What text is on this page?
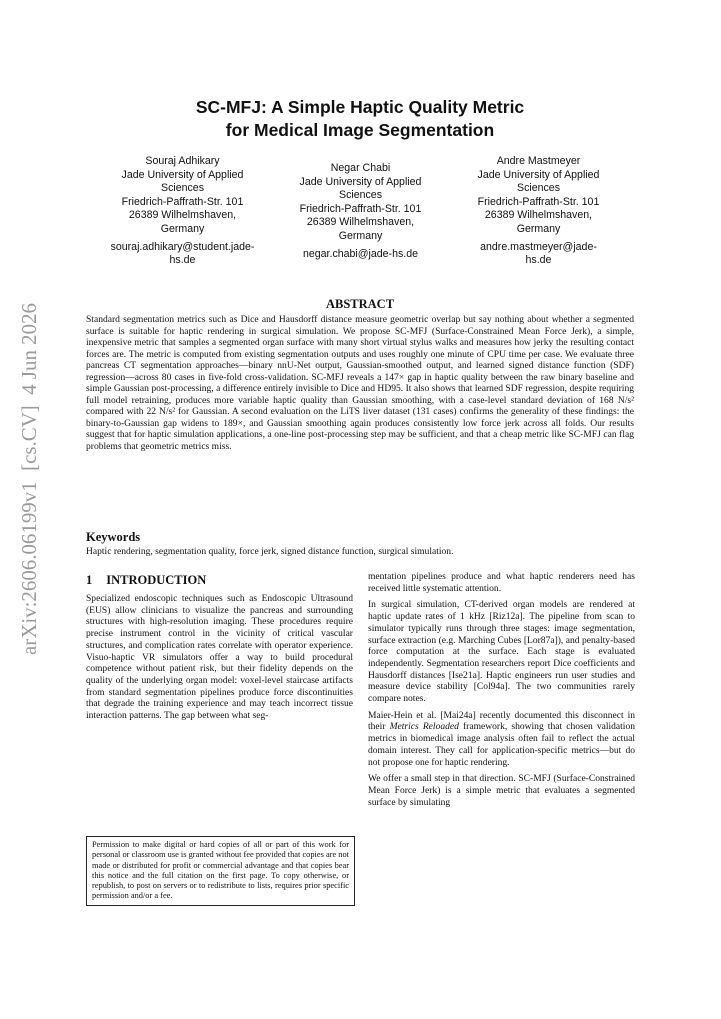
arXiv:2606.06199v1  [cs.CV]  4 Jun 2026
SC-MFJ: A Simple Haptic Quality Metric
for Medical Image Segmentation
Souraj Adhikary
Jade University of Applied
Sciences
Friedrich-Paffrath-Str. 101
26389 Wilhelmshaven,
Germany
souraj.adhikary@student.jade-
hs.de
Negar Chabi
Jade University of Applied
Sciences
Friedrich-Paffrath-Str. 101
26389 Wilhelmshaven,
Germany
negar.chabi@jade-hs.de
Andre Mastmeyer
Jade University of Applied
Sciences
Friedrich-Paffrath-Str. 101
26389 Wilhelmshaven,
Germany
andre.mastmeyer@jade-
hs.de
ABSTRACT
Standard segmentation metrics such as Dice and Hausdorff distance measure geometric overlap but say nothing about whether a segmented surface is suitable for haptic rendering in surgical simulation. We propose SC-MFJ (Surface-Constrained Mean Force Jerk), a simple, inexpensive metric that samples a segmented organ surface with many short virtual stylus walks and measures how jerky the resulting contact forces are. The metric is computed from existing segmentation outputs and uses roughly one minute of CPU time per case. We evaluate three pancreas CT segmentation approaches—binary nnU-Net output, Gaussian-smoothed output, and learned signed distance function (SDF) regression—across 80 cases in five-fold cross-validation. SC-MFJ reveals a 147× gap in haptic quality between the raw binary baseline and simple Gaussian post-processing, a difference entirely invisible to Dice and HD95. It also shows that learned SDF regression, despite requiring full model retraining, produces more variable haptic quality than Gaussian smoothing, with a case-level standard deviation of 168 N/s² compared with 22 N/s² for Gaussian. A second evaluation on the LiTS liver dataset (131 cases) confirms the generality of these findings: the binary-to-Gaussian gap widens to 189×, and Gaussian smoothing again produces consistently low force jerk across all folds. Our results suggest that for haptic simulation applications, a one-line post-processing step may be sufficient, and that a cheap metric like SC-MFJ can flag problems that geometric metrics miss.
Keywords
Haptic rendering, segmentation quality, force jerk, signed distance function, surgical simulation.
1 INTRODUCTION

Specialized endoscopic techniques such as Endoscopic Ultrasound (EUS) allow clinicians to visualize the pancreas and surrounding structures with high-resolution imaging. These procedures require precise instrument control in the vicinity of critical vascular structures, and complication rates correlate with operator experience. Visuo-haptic VR simulators offer a way to build procedural competence without patient risk, but their fidelity depends on the quality of the underlying organ model: voxel-level staircase artifacts from standard segmentation pipelines produce force discontinuities that degrade the training experience and may teach incorrect tissue interaction patterns. The gap between what seg-

mentation pipelines produce and what haptic renderers need has received little systematic attention.

In surgical simulation, CT-derived organ models are rendered at haptic update rates of 1 kHz [Riz12a]. The pipeline from scan to simulator typically runs through three stages: image segmentation, surface extraction (e.g. Marching Cubes [Lor87a]), and penalty-based force computation at the surface. Each stage is evaluated independently. Segmentation researchers report Dice coefficients and Hausdorff distances [Ise21a]. Haptic engineers run user studies and measure device stability [Col94a]. The two communities rarely compare notes.

Maier-Hein et al. [Mai24a] recently documented this disconnect in their Metrics Reloaded framework, showing that chosen validation metrics in biomedical image analysis often fail to reflect the actual domain interest. They call for application-specific metrics—but do not propose one for haptic rendering.

We offer a small step in that direction. SC-MFJ (Surface-Constrained Mean Force Jerk) is a simple metric that evaluates a segmented surface by simulating

Permission to make digital or hard copies of all or part of this work for personal or classroom use is granted without fee provided that copies are not made or distributed for profit or commercial advantage and that copies bear this notice and the full citation on the first page. To copy otherwise, or republish, to post on servers or to redistribute to lists, requires prior specific permission and/or a fee.
